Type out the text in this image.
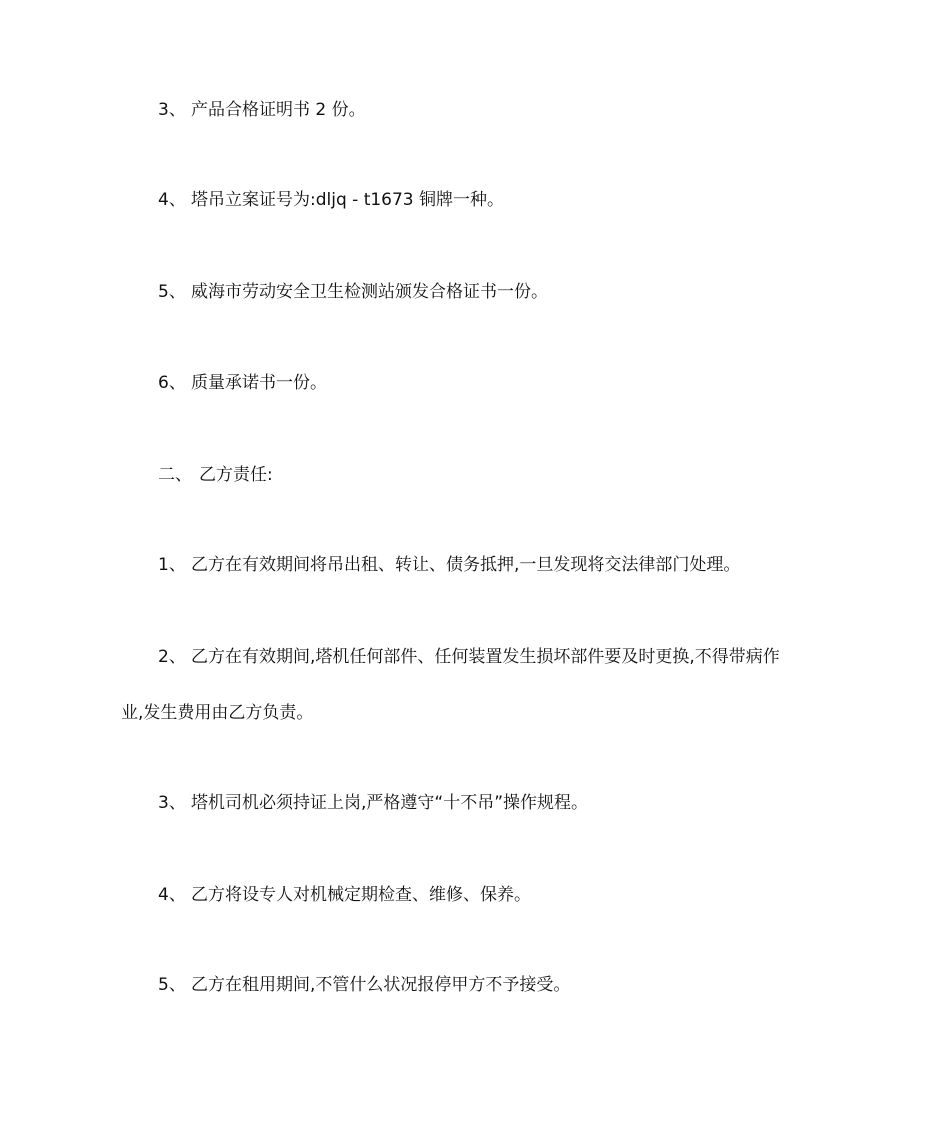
3、 产品合格证明书 2 份。
4、 塔吊立案证号为:dljq - t1673 铜牌一种。
5、 威海市劳动安全卫生检测站颁发合格证书一份。
6、 质量承诺书一份。
二、 乙方责任:
1、 乙方在有效期间将吊出租、转让、债务抵押,一旦发现将交法律部门处理。
2、 乙方在有效期间,塔机任何部件、任何装置发生损坏部件要及时更换,不得带病作
业,发生费用由乙方负责。
3、 塔机司机必须持证上岗,严格遵守“十不吊”操作规程。
4、 乙方将设专人对机械定期检查、维修、保养。
5、 乙方在租用期间,不管什么状况报停甲方不予接受。
